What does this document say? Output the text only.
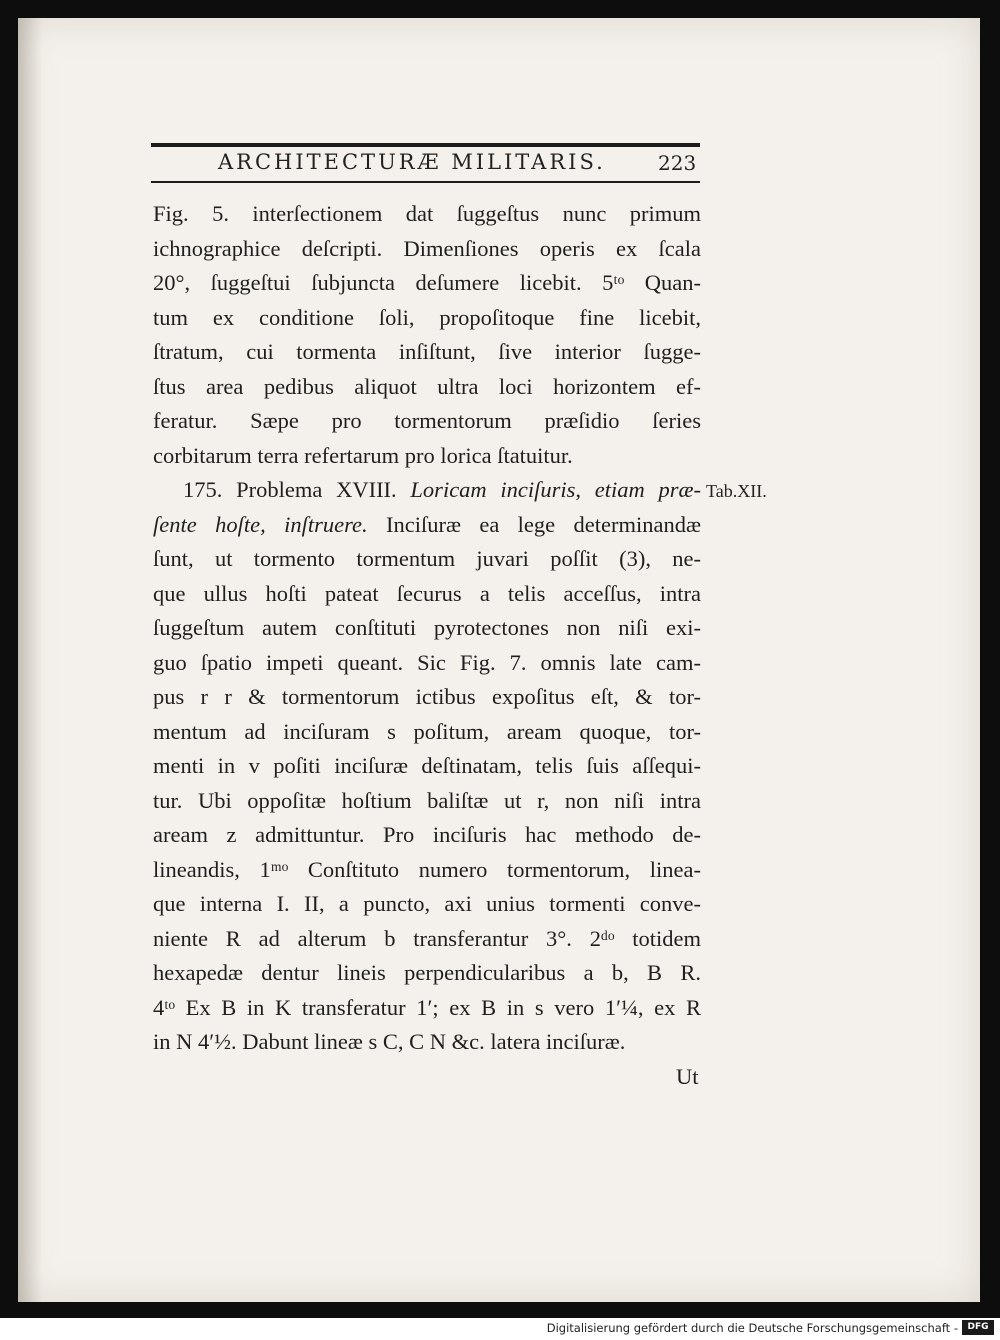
ARCHITECTURÆ MILITARIS.	223
Fig. 5. interſectionem dat ſuggeſtus nunc primum
ichnographice deſcripti. Dimenſiones operis ex ſcala
20°, ſuggeſtui ſubjuncta deſumere licebit. 5ᵗᵒ Quan-
tum ex conditione ſoli, propoſitoque fine licebit,
ſtratum, cui tormenta inſiſtunt, ſive interior ſugge-
ſtus area pedibus aliquot ultra loci horizontem ef-
feratur. Sæpe pro tormentorum præſidio ſeries
corbitarum terra refertarum pro lorica ſtatuitur.
175. Problema XVIII. Loricam inciſuris, etiam præ-
ſente hoſte, inſtruere. Inciſuræ ea lege determinandæ
ſunt, ut tormento tormentum juvari poſſit (3), ne-
que ullus hoſti pateat ſecurus a telis acceſſus, intra
ſuggeſtum autem conſtituti pyrotectones non niſi exi-
guo ſpatio impeti queant. Sic Fig. 7. omnis late cam-
pus r r & tormentorum ictibus expoſitus eſt, & tor-
mentum ad inciſuram s poſitum, aream quoque, tor-
menti in v poſiti inciſuræ deſtinatam, telis ſuis aſſequi-
tur. Ubi oppoſitæ hoſtium baliſtæ ut r, non niſi intra
aream z admittuntur. Pro inciſuris hac methodo de-
lineandis, 1ᵐᵒ Conſtituto numero tormentorum, linea-
que interna I. II, a puncto, axi unius tormenti conve-
niente R ad alterum b transferantur 3°. 2ᵈᵒ totidem
hexapedæ dentur lineis perpendicularibus a b, B R.
4ᵗᵒ Ex B in K transferatur 1′; ex B in s vero 1′¼, ex R
in N 4′½. Dabunt lineæ s C, C N &c. latera inciſuræ.
Tab.XII.
Ut
Digitalisierung gefördert durch die Deutsche Forschungsgemeinschaft -	DFG
